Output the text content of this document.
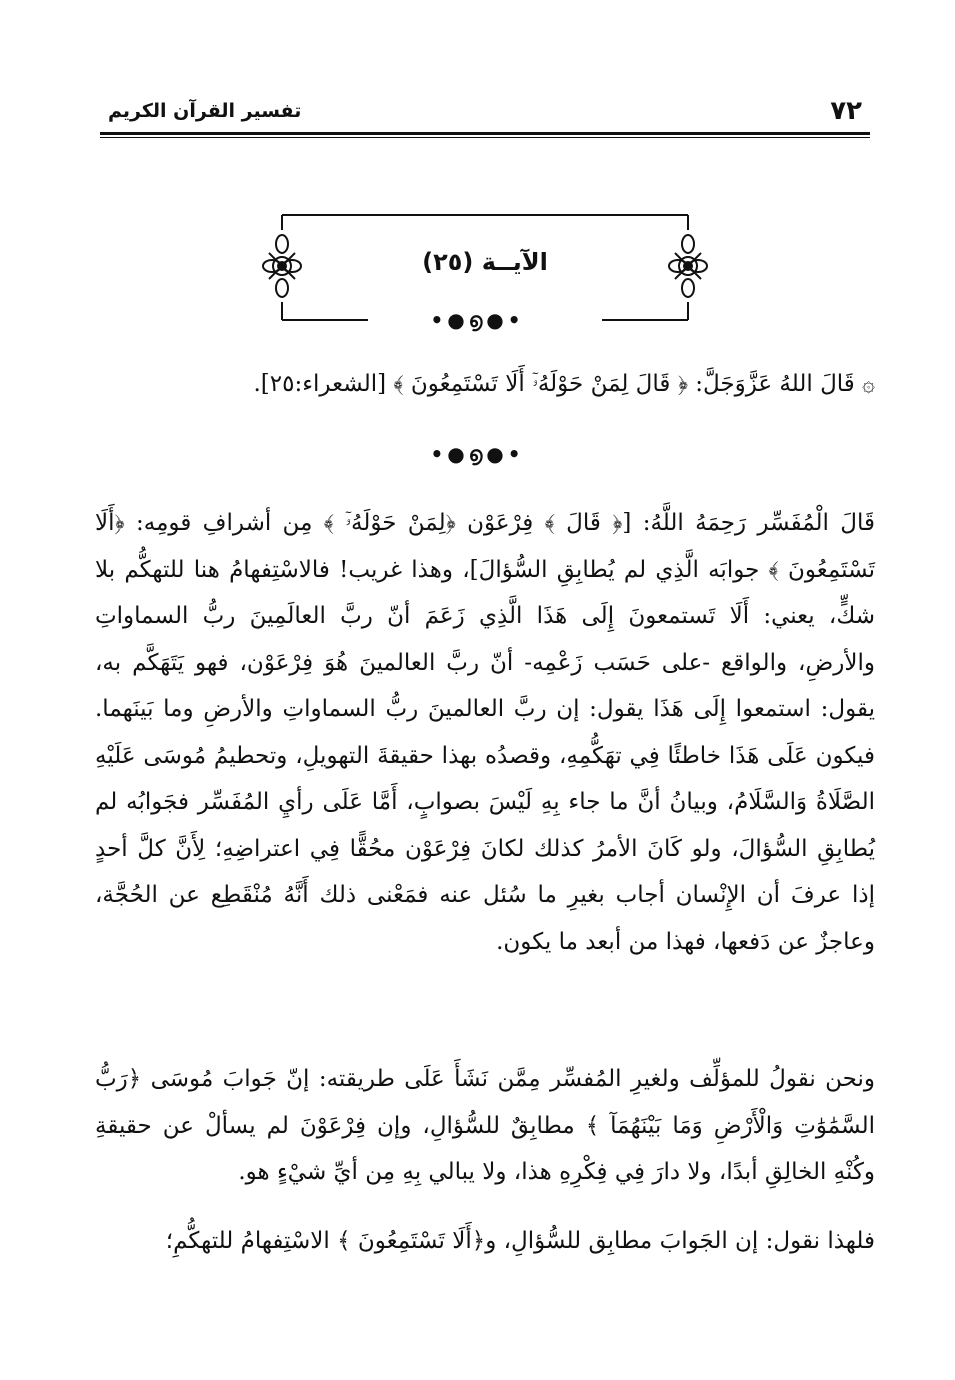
٧٢
تفسير القرآن الكريم
الآيــة (٢٥)
•●൭●•
۞ قَالَ اللهُ عَزَّوَجَلَّ: ﴿ قَالَ لِمَنْ حَوْلَهُۥٓ أَلَا تَسْتَمِعُونَ ﴾ [الشعراء:٢٥].
•●൭●•
قَالَ الْمُفَسِّر رَحِمَهُ اللَّهُ: [﴿ قَالَ ﴾ فِرْعَوْن ﴿لِمَنْ حَوْلَهُۥٓ ﴾ مِن أشرافِ قومِه: ﴿أَلَا تَسْتَمِعُونَ ﴾ جوابَه الَّذِي لم يُطابِقِ السُّؤالَ]، وهذا غريب! فالاسْتِفهامُ هنا للتهكُّم بلا شكٍّ، يعني: أَلَا تَستمعونَ إِلَى هَذَا الَّذِي زَعَمَ أنّ ربَّ العالَمِينَ ربُّ السماواتِ والأرضِ، والواقع -على حَسَب زَعْمِه- أنّ ربَّ العالمينَ هُوَ فِرْعَوْن، فهو يَتَهَكَّم به، يقول: استمعوا إِلَى هَذَا يقول: إن ربَّ العالمينَ ربُّ السماواتِ والأرضِ وما بَينَهما. فيكون عَلَى هَذَا خاطئًا فِي تهَكُّمِهِ، وقصدُه بهذا حقيقةَ التهويلِ، وتحطيمُ مُوسَى عَلَيْهِ الصَّلَاةُ وَالسَّلَامُ، وبيانُ أنَّ ما جاء بِهِ لَيْسَ بصوابٍ، أَمَّا عَلَى رأيِ المُفَسِّر فجَوابُه لم يُطابِقِ السُّؤالَ، ولو كَانَ الأمرُ كذلك لكانَ فِرْعَوْن محُقًّا فِي اعتراضِهِ؛ لِأَنَّ كلَّ أحدٍ إذا عرفَ أن الإِنْسان أجاب بغيرِ ما سُئل عنه فمَعْنى ذلك أَنَّهُ مُنْقَطِع عن الحُجَّة، وعاجزٌ عن دَفعها، فهذا من أبعد ما يكون.
ونحن نقولُ للمؤلِّف ولغيرِ المُفسِّر مِمَّن نَشَأَ عَلَى طريقته: إنّ جَوابَ مُوسَى ﴿رَبُّ السَّمَٰوَٰتِ وَالْأَرْضِ وَمَا بَيْنَهُمَآ ﴾ مطابِقٌ للسُّؤالِ، وإن فِرْعَوْنَ لم يسألْ عن حقيقةِ وكُنْهِ الخالِقِ أبدًا، ولا دارَ فِي فِكْرِهِ هذا، ولا يبالي بِهِ مِن أيِّ شيْءٍ هو.
فلهذا نقول: إن الجَوابَ مطابِق للسُّؤالِ، و﴿أَلَا تَسْتَمِعُونَ ﴾ الاسْتِفهامُ للتهكُّمِ؛
